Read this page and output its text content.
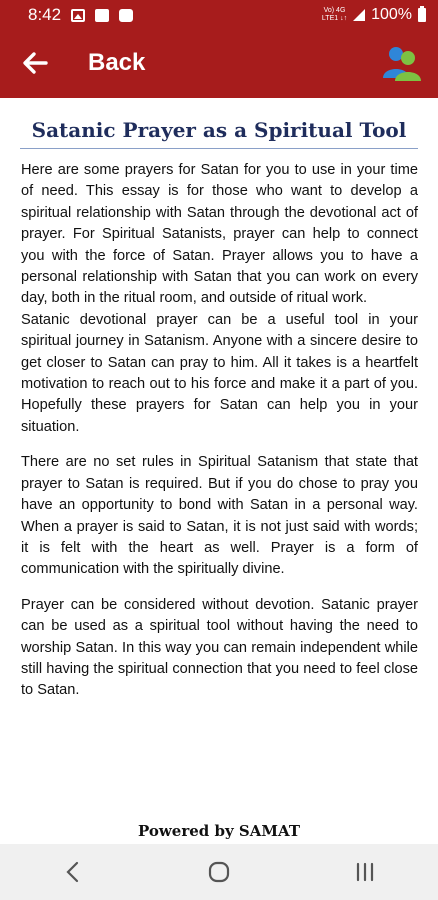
8:42	Vo) 4G
LTE1 ↓↑ 100%
Back
Satanic Prayer as a Spiritual Tool

Here are some prayers for Satan for you to use in your time of need. This essay is for those who want to develop a spiritual relationship with Satan through the devotional act of prayer. For Spiritual Satanists, prayer can help to connect you with the force of Satan. Prayer allows you to have a personal relationship with Satan that you can work on every day, both in the ritual room, and outside of ritual work.

Satanic devotional prayer can be a useful tool in your spiritual journey in Satanism. Anyone with a sincere desire to get closer to Satan can pray to him. All it takes is a heartfelt motivation to reach out to his force and make it a part of you. Hopefully these prayers for Satan can help you in your situation.

There are no set rules in Spiritual Satanism that state that prayer to Satan is required. But if you do chose to pray you have an opportunity to bond with Satan in a personal way. When a prayer is said to Satan, it is not just said with words; it is felt with the heart as well. Prayer is a form of communication with the spiritually divine.

Prayer can be considered without devotion. Satanic prayer can be used as a spiritual tool without having the need to worship Satan. In this way you can remain independent while still having the spiritual connection that you need to feel close to Satan.

Powered by SAMAT
